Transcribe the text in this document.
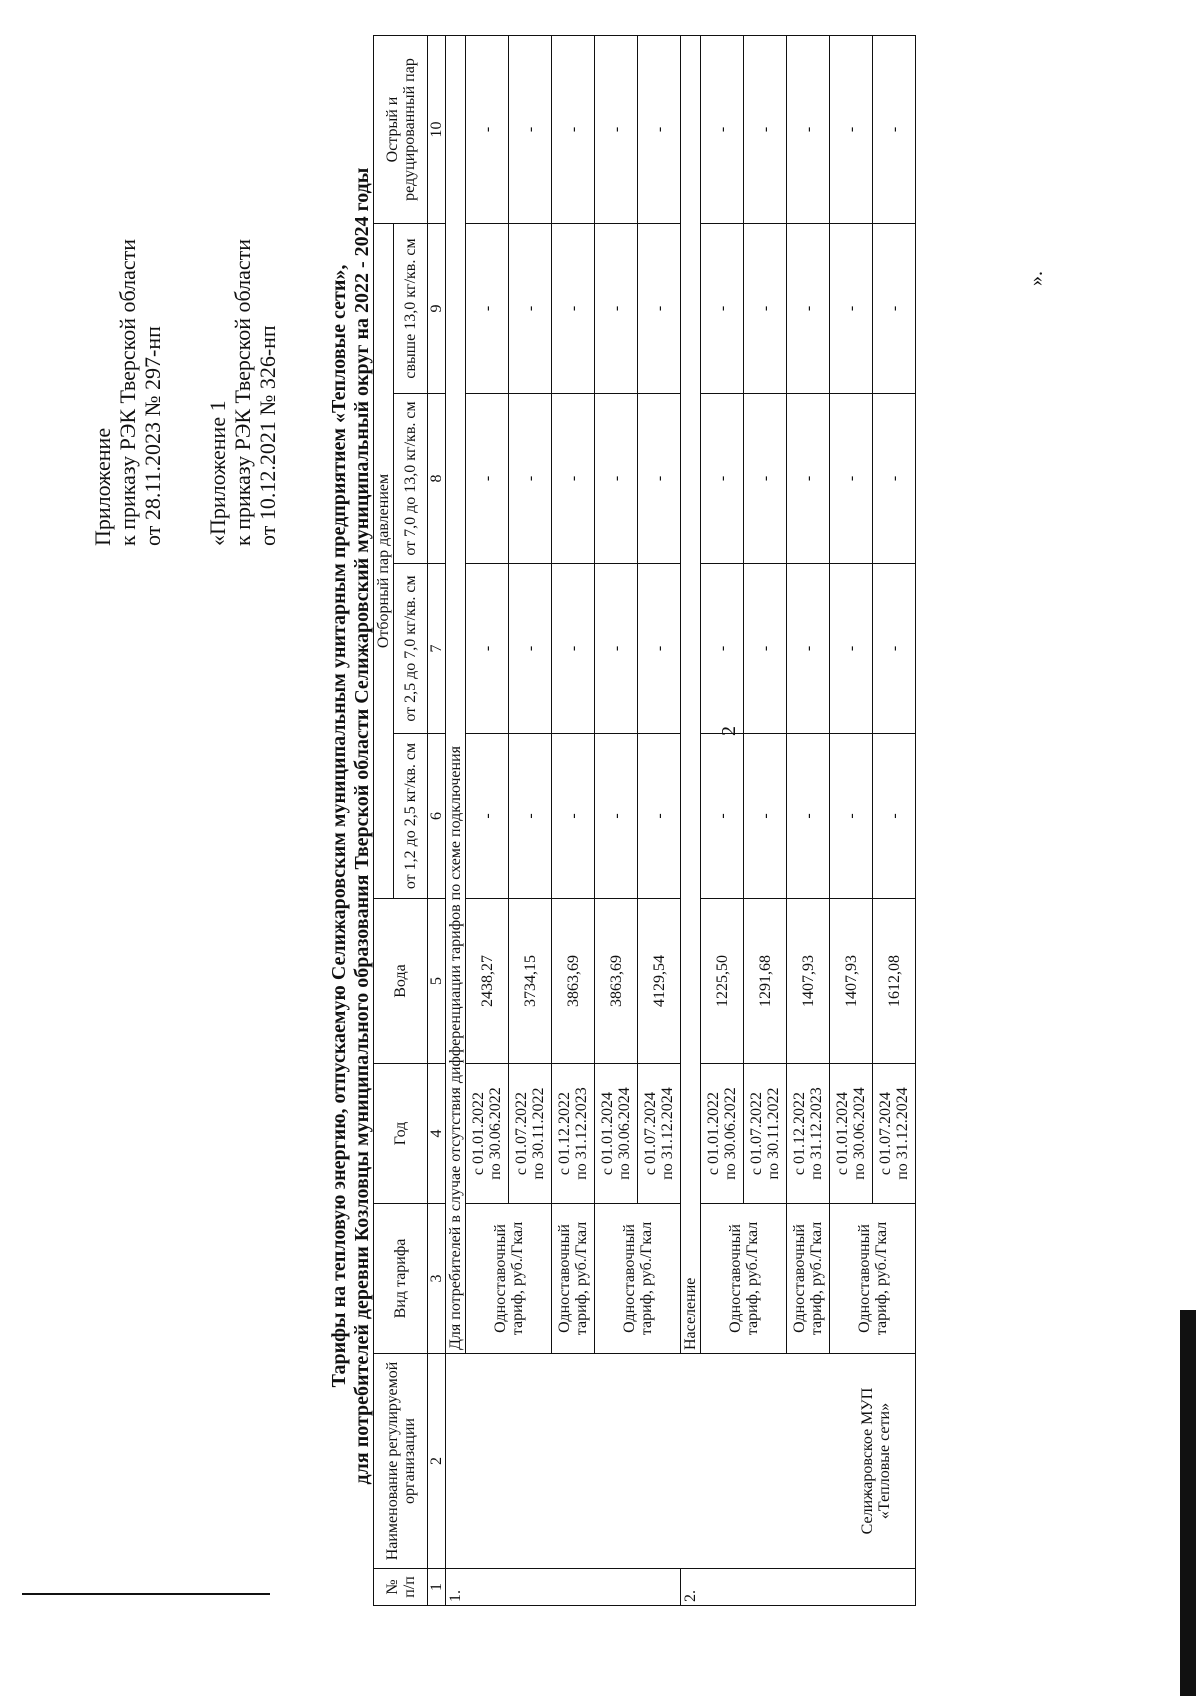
2
Приложение к приказу РЭК Тверской области от 28.11.2023 № 297-нп «Приложение 1 к приказу РЭК Тверской области от 10.12.2021 № 326-нп Тарифы на тепловую энергию, отпускаемую Селижаровским муниципальным унитарным предприятием «Тепловые сети», для потребителей деревни Козловцы муниципального образования Тверской области Селижаровский муниципальный округ на 2022 - 2024 годы
№ п/п	Наименование регулируемой организации	Вид тарифа	Год	Вода	Отборный пар давлением				Острый и редуцированный пар
					от 1,2 до 2,5 кг/кв. см	от 2,5 до 7,0 кг/кв. см	от 7,0 до 13,0 кг/кв. см	свыше 13,0 кг/кв. см	
1	2	3	4	5	6	7	8	9	10
1.	Селижаровское МУП «Тепловые сети»	Для потребителей в случае отсутствия дифференциации тарифов по схеме подключения							
		Одноставочный тариф, руб./Гкал	с 01.01.2022 по 30.06.2022	2438,27	-	-	-	-	-

			с 01.07.2022 по 30.11.2022	3734,15	-	-	-	-	-
		Одноставочный тариф, руб./Гкал	с 01.12.2022 по 31.12.2023	3863,69	-	-	-	-	-
		Одноставочный тариф, руб./Гкал	с 01.01.2024 по 30.06.2024	3863,69	-	-	-	-	-

			с 01.07.2024 по 31.12.2024	4129,54	-	-	-	-	-
2.		Население							
		Одноставочный тариф, руб./Гкал	с 01.01.2022 по 30.06.2022	1225,50	-	-	-	-	-

			с 01.07.2022 по 30.11.2022	1291,68	-	-	-	-	-
		Одноставочный тариф, руб./Гкал	с 01.12.2022 по 31.12.2023	1407,93	-	-	-	-	-
		Одноставочный тариф, руб./Гкал	с 01.01.2024 по 30.06.2024	1407,93	-	-	-	-	-

			с 01.07.2024 по 31.12.2024	1612,08	-	-	-	-	-
».
